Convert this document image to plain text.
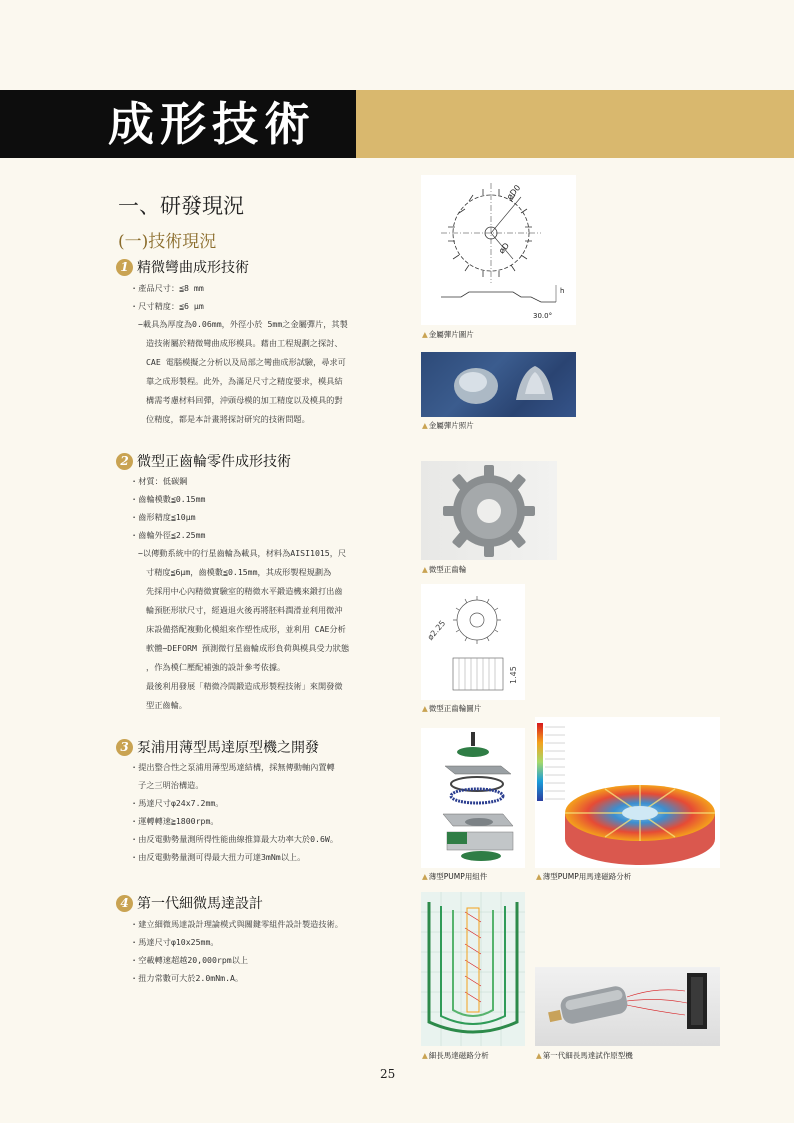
成形技術
一、研發現況
(一)技術現況
1 精微彎曲成形技術
・產品尺寸：≦8 mm
・尺寸精度：≦6 μm
−載具為厚度為0.06mm，外徑小於 5mm之金屬彈片，其製
造技術屬於精微彎曲成形模具。藉由工程規劃之探討、
CAE 電腦模擬之分析以及局部之彎曲成形試驗，尋求可
靠之成形製程。此外，為滿足尺寸之精度要求，模具結
構需考慮材料回彈，沖頭母模的加工精度以及模具的對
位精度，都是本計畫將探討研究的技術問題。
2 微型正齒輪零件成形技術
・材質：低碳鋼
・齒輪模數≦0.15mm
・齒形精度≦10μm
・齒輪外徑≦2.25mm
−以傳動系統中的行星齒輪為載具，材料為AISI1015，尺
寸精度≦6μm，齒模數≦0.15mm，其成形製程規劃為
先採用中心內精微實驗室的精微水平鍛造機來鍛打出齒
輪預胚形狀尺寸，經過退火後再將胚料潤滑並利用微沖
床設備搭配複動化模組來作塑性成形，並利用 CAE分析
軟體−DEFORM 預測微行星齒輪成形負荷與模具受力狀態
，作為模仁壓配補強的設計參考依據。
最後利用發展「精微冷間鍛造成形製程技術」來開發微
型正齒輪。
3 泵浦用薄型馬達原型機之開發
・提出整合性之泵浦用薄型馬達結構，採無傳動軸內置轉
子之三明治構造。
・馬達尺寸φ24x7.2mm。
・運轉轉速≧1800rpm。
・由反電動勢量測所得性能曲線推算最大功率大於0.6W。
・由反電動勢量測可得最大扭力可達3mNm以上。
4 第一代細微馬達設計
・建立細微馬達設計理論模式與關鍵零組件設計製造技術。
・馬達尺寸φ10x25mm。
・空載轉速超越20,000rpm以上
・扭力常數可大於2.0mNm.A。
øD0
øD
h
30.0°
▲金屬彈片圖片
▲金屬彈片照片
▲微型正齒輪
ø2.25
1.45
▲微型正齒輪圖片
▲薄型PUMP用組件	▲薄型PUMP用馬達磁路分析
▲細長馬達磁路分析	▲第一代細長馬達試作原型機
25
